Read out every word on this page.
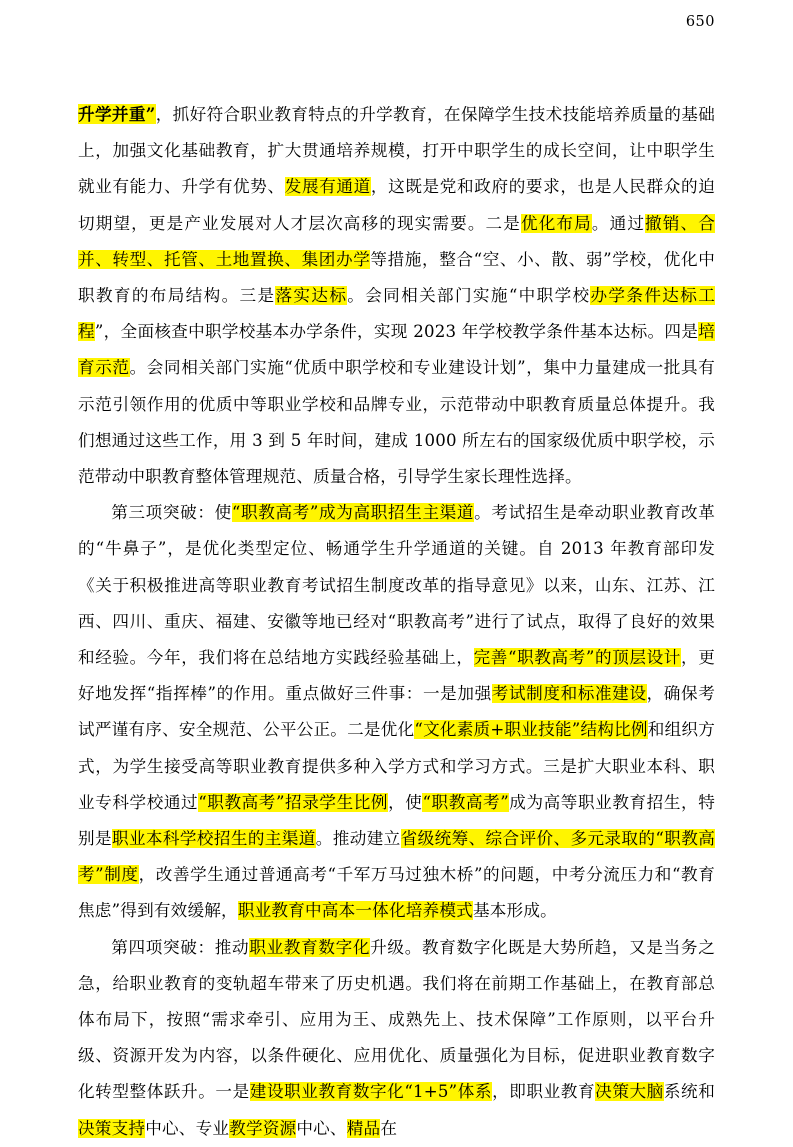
650

升学并重”，抓好符合职业教育特点的升学教育，在保障学生技术技能培养质量的基础上，加强文化基础教育，扩大贯通培养规模，打开中职学生的成长空间，让中职学生就业有能力、升学有优势、发展有通道，这既是党和政府的要求，也是人民群众的迫切期望，更是产业发展对人才层次高移的现实需要。二是优化布局。通过撤销、合并、转型、托管、土地置换、集团办学等措施，整合“空、小、散、弱”学校，优化中职教育的布局结构。三是落实达标。会同相关部门实施“中职学校办学条件达标工程”，全面核查中职学校基本办学条件，实现 2023 年学校教学条件基本达标。四是培育示范。会同相关部门实施“优质中职学校和专业建设计划”，集中力量建成一批具有示范引领作用的优质中等职业学校和品牌专业，示范带动中职教育质量总体提升。我们想通过这些工作，用 3 到 5 年时间，建成 1000 所左右的国家级优质中职学校，示范带动中职教育整体管理规范、质量合格，引导学生家长理性选择。

第三项突破：使“职教高考”成为高职招生主渠道。考试招生是牵动职业教育改革的“牛鼻子”，是优化类型定位、畅通学生升学通道的关键。自 2013 年教育部印发《关于积极推进高等职业教育考试招生制度改革的指导意见》以来，山东、江苏、江西、四川、重庆、福建、安徽等地已经对“职教高考”进行了试点，取得了良好的效果和经验。今年，我们将在总结地方实践经验基础上，完善“职教高考”的顶层设计，更好地发挥“指挥棒”的作用。重点做好三件事：一是加强考试制度和标准建设，确保考试严谨有序、安全规范、公平公正。二是优化“文化素质+职业技能”结构比例和组织方式，为学生接受高等职业教育提供多种入学方式和学习方式。三是扩大职业本科、职业专科学校通过“职教高考”招录学生比例，使“职教高考”成为高等职业教育招生，特别是职业本科学校招生的主渠道。推动建立省级统筹、综合评价、多元录取的“职教高考”制度，改善学生通过普通高考“千军万马过独木桥”的问题，中考分流压力和“教育焦虑”得到有效缓解，职业教育中高本一体化培养模式基本形成。

第四项突破：推动职业教育数字化升级。教育数字化既是大势所趋，又是当务之急，给职业教育的变轨超车带来了历史机遇。我们将在前期工作基础上，在教育部总体布局下，按照“需求牵引、应用为王、成熟先上、技术保障”工作原则，以平台升级、资源开发为内容，以条件硬化、应用优化、质量强化为目标，促进职业教育数字化转型整体跃升。一是建设职业教育数字化“1+5”体系，即职业教育决策大脑系统和决策支持中心、专业教学资源中心、精品在
